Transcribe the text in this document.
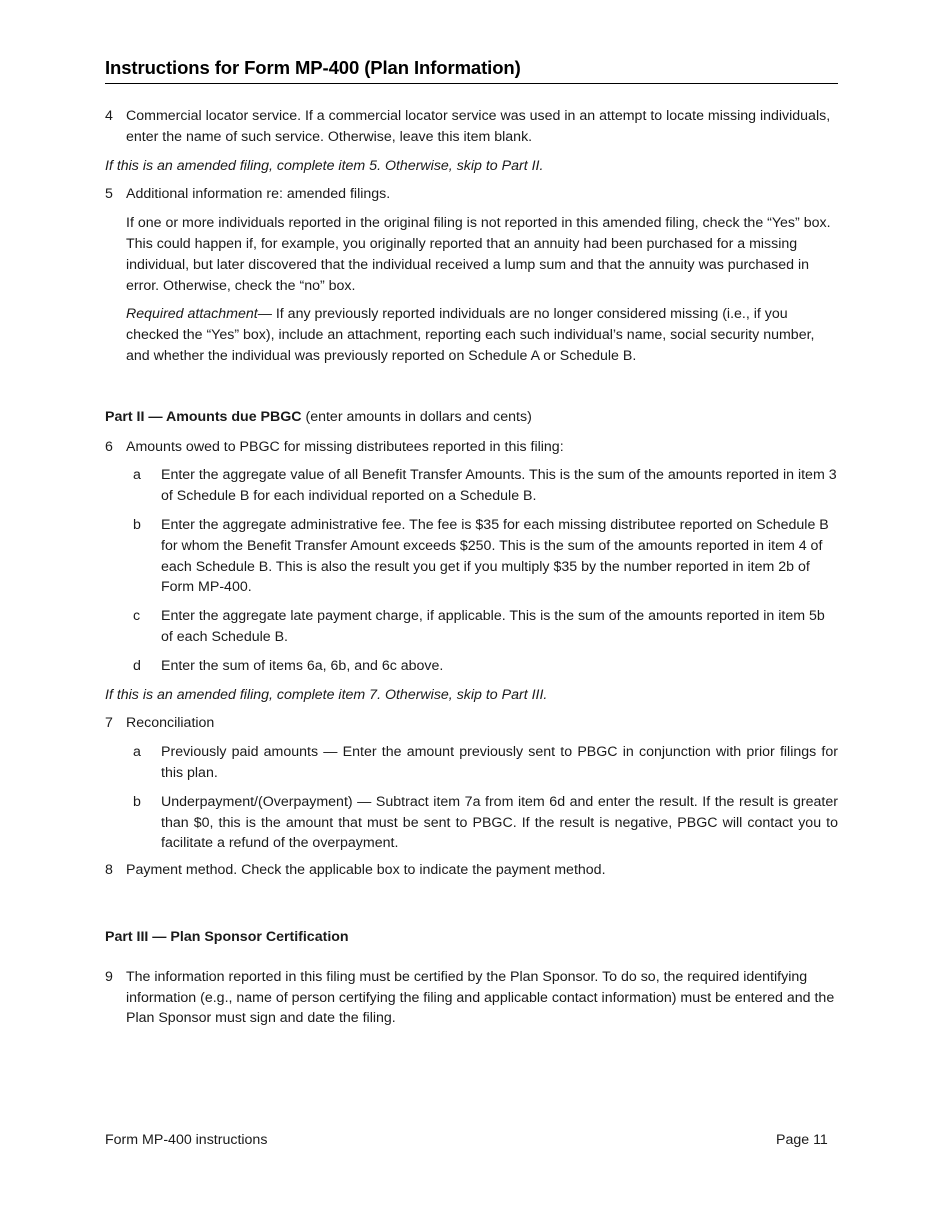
Instructions for Form MP-400 (Plan Information)
4 Commercial locator service. If a commercial locator service was used in an attempt to locate missing individuals, enter the name of such service. Otherwise, leave this item blank.
If this is an amended filing, complete item 5. Otherwise, skip to Part II.
5 Additional information re: amended filings.
If one or more individuals reported in the original filing is not reported in this amended filing, check the “Yes” box. This could happen if, for example, you originally reported that an annuity had been purchased for a missing individual, but later discovered that the individual received a lump sum and that the annuity was purchased in error. Otherwise, check the “no” box.
Required attachment— If any previously reported individuals are no longer considered missing (i.e., if you checked the “Yes” box), include an attachment, reporting each such individual’s name, social security number, and whether the individual was previously reported on Schedule A or Schedule B.
Part II — Amounts due PBGC (enter amounts in dollars and cents)
6 Amounts owed to PBGC for missing distributees reported in this filing:
a Enter the aggregate value of all Benefit Transfer Amounts. This is the sum of the amounts reported in item 3 of Schedule B for each individual reported on a Schedule B.
b Enter the aggregate administrative fee. The fee is $35 for each missing distributee reported on Schedule B for whom the Benefit Transfer Amount exceeds $250. This is the sum of the amounts reported in item 4 of each Schedule B. This is also the result you get if you multiply $35 by the number reported in item 2b of Form MP-400.
c Enter the aggregate late payment charge, if applicable. This is the sum of the amounts reported in item 5b of each Schedule B.
d Enter the sum of items 6a, 6b, and 6c above.
If this is an amended filing, complete item 7. Otherwise, skip to Part III.
7 Reconciliation
a Previously paid amounts — Enter the amount previously sent to PBGC in conjunction with prior filings for this plan.
b Underpayment/(Overpayment) — Subtract item 7a from item 6d and enter the result. If the result is greater than $0, this is the amount that must be sent to PBGC. If the result is negative, PBGC will contact you to facilitate a refund of the overpayment.
8 Payment method. Check the applicable box to indicate the payment method.
Part III — Plan Sponsor Certification
9 The information reported in this filing must be certified by the Plan Sponsor. To do so, the required identifying information (e.g., name of person certifying the filing and applicable contact information) must be entered and the Plan Sponsor must sign and date the filing.
Form MP-400 instructions	Page 11
